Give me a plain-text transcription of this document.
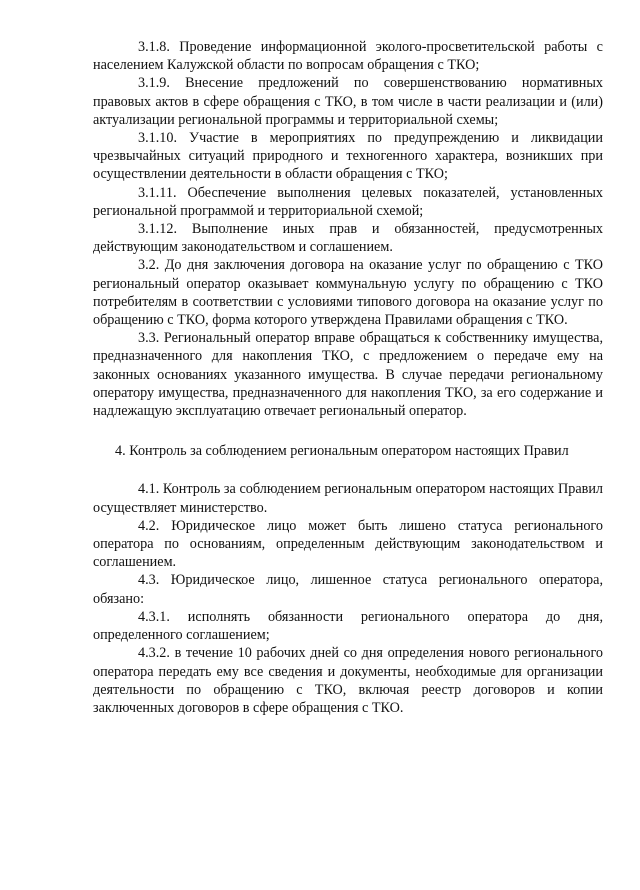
3.1.8. Проведение информационной эколого-просветительской работы с населением Калужской области по вопросам обращения с ТКО;

3.1.9. Внесение предложений по совершенствованию нормативных правовых актов в сфере обращения с ТКО, в том числе в части реализации и (или) актуализации региональной программы и территориальной схемы;

3.1.10. Участие в мероприятиях по предупреждению и ликвидации чрезвычайных ситуаций природного и техногенного характера, возникших при осуществлении деятельности в области обращения с ТКО;

3.1.11. Обеспечение выполнения целевых показателей, установленных региональной программой и территориальной схемой;

3.1.12. Выполнение иных прав и обязанностей, предусмотренных действующим законодательством и соглашением.

3.2. До дня заключения договора на оказание услуг по обращению с ТКО региональный оператор оказывает коммунальную услугу по обращению с ТКО потребителям в соответствии с условиями типового договора на оказание услуг по обращению с ТКО, форма которого утверждена Правилами обращения с ТКО.

3.3. Региональный оператор вправе обращаться к собственнику имущества, предназначенного для накопления ТКО, с предложением о передаче ему на законных основаниях указанного имущества. В случае передачи региональному оператору имущества, предназначенного для накопления ТКО, за его содержание и надлежащую эксплуатацию отвечает региональный оператор.

4. Контроль за соблюдением региональным оператором настоящих Правил

4.1. Контроль за соблюдением региональным оператором настоящих Правил осуществляет министерство.

4.2. Юридическое лицо может быть лишено статуса регионального оператора по основаниям, определенным действующим законодательством и соглашением.

4.3. Юридическое лицо, лишенное статуса регионального оператора, обязано:

4.3.1. исполнять обязанности регионального оператора до дня, определенного соглашением;

4.3.2. в течение 10 рабочих дней со дня определения нового регионального оператора передать ему все сведения и документы, необходимые для организации деятельности по обращению с ТКО, включая реестр договоров и копии заключенных договоров в сфере обращения с ТКО.
